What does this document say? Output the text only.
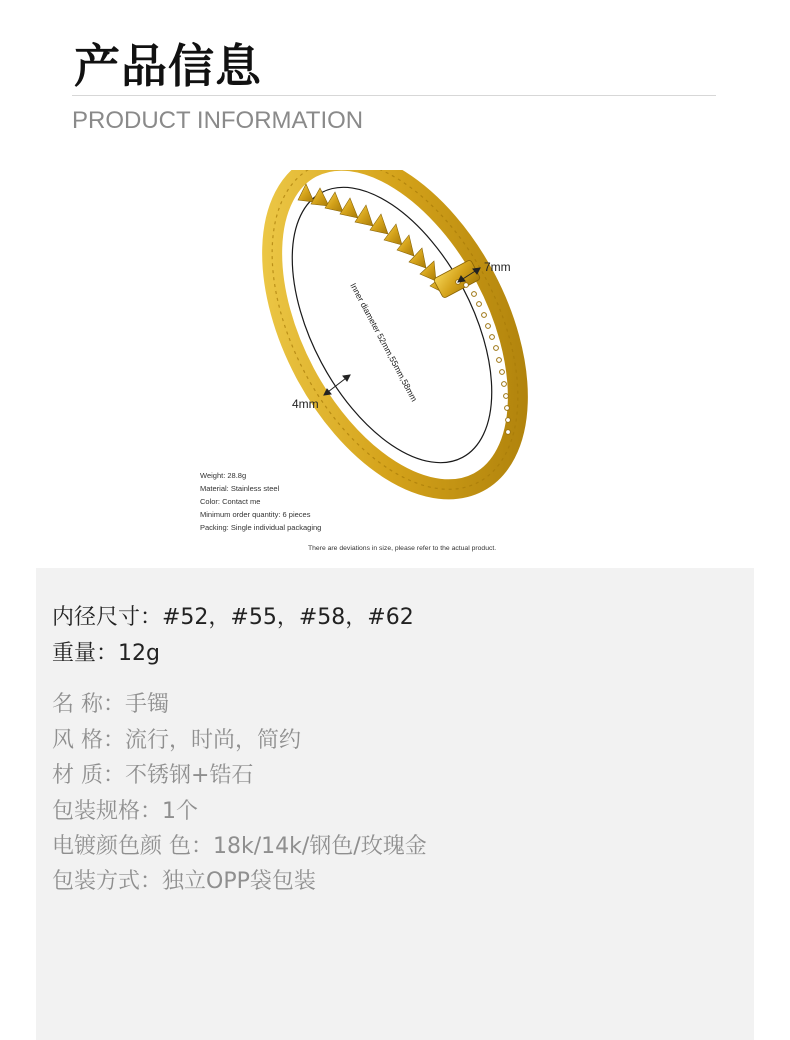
产品信息
PRODUCT INFORMATION
7mm
4mm
Inner diameter 52mm,55mm,58mm
Weight: 28.8g
Material: Stainless steel
Color: Contact me
Minimum order quantity: 6 pieces
Packing: Single individual packaging
There are deviations in size, please refer to the actual product.
内径尺寸：#52，#55，#58，#62
重量：12g
名 称：手镯
风 格：流行，时尚，简约
材 质：不锈钢+锆石
包装规格：1个
电镀颜色颜 色：18k/14k/钢色/玫瑰金
包装方式：独立OPP袋包装
